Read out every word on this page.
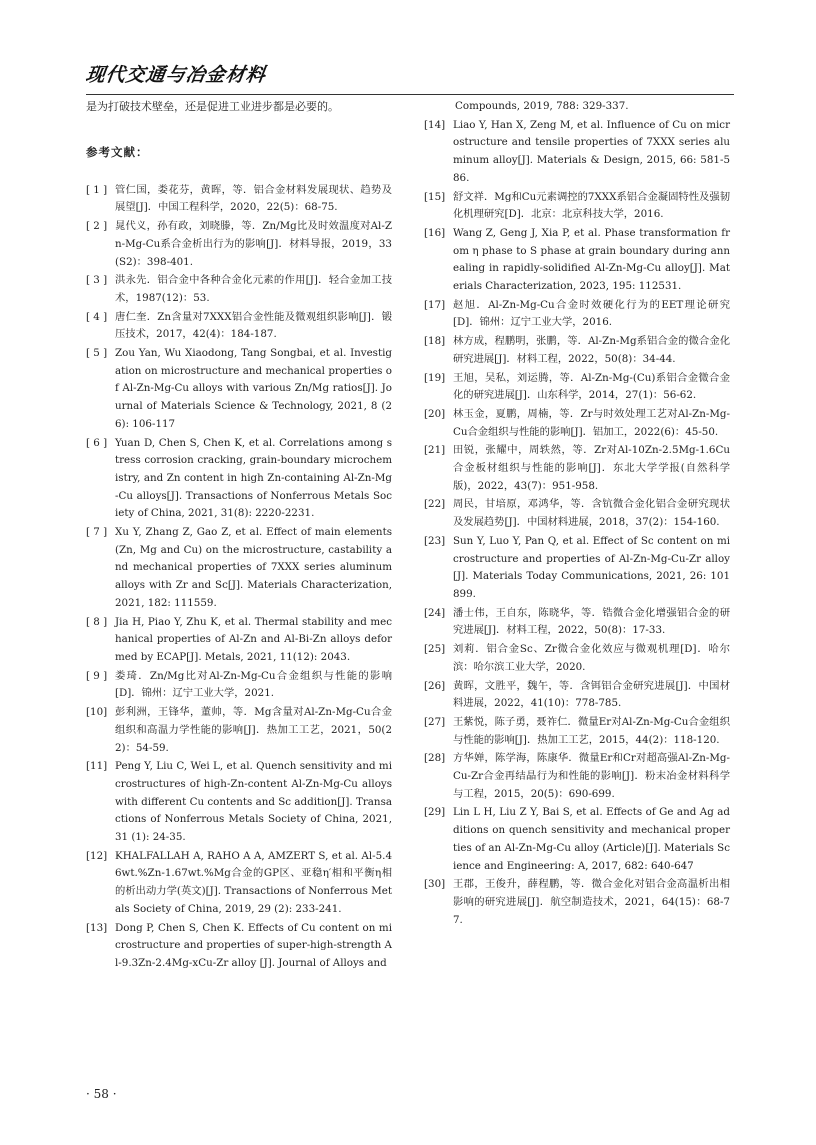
现代交通与冶金材料

是为打破技术壁垒，还是促进工业进步都是必要的。

参考文献：
[ 1 ] 管仁国，娄花芬，黄晖，等．铝合金材料发展现状、趋势及展望[J]．中国工程科学，2020，22(5)：68-75.
[ 2 ] 晁代义，孙有政，刘晓滕，等．Zn/Mg比及时效温度对Al-Zn-Mg-Cu系合金析出行为的影响[J]．材料导报，2019，33(S2)：398-401.
[ 3 ] 洪永先．铝合金中各种合金化元素的作用[J]．轻合金加工技术，1987(12)：53.
[ 4 ] 唐仁奎．Zn含量对7XXX铝合金性能及微观组织影响[J]．锻压技术，2017，42(4)：184-187.
[ 5 ] Zou Yan, Wu Xiaodong, Tang Songbai, et al. Investigation on microstructure and mechanical properties of Al-Zn-Mg-Cu alloys with various Zn/Mg ratios[J]. Journal of Materials Science & Technology, 2021, 8 (26): 106-117
[ 6 ] Yuan D, Chen S, Chen K, et al. Correlations among stress corrosion cracking, grain-boundary microchemistry, and Zn content in high Zn-containing Al-Zn-Mg-Cu alloys[J]. Transactions of Nonferrous Metals Society of China, 2021, 31(8): 2220-2231.
[ 7 ] Xu Y, Zhang Z, Gao Z, et al. Effect of main elements (Zn, Mg and Cu) on the microstructure, castability and mechanical properties of 7XXX series aluminum alloys with Zr and Sc[J]. Materials Characterization, 2021, 182: 111559.
[ 8 ] Jia H, Piao Y, Zhu K, et al. Thermal stability and mechanical properties of Al-Zn and Al-Bi-Zn alloys deformed by ECAP[J]. Metals, 2021, 11(12): 2043.
[ 9 ] 娄琦．Zn/Mg比对Al-Zn-Mg-Cu合金组织与性能的影响[D]．锦州：辽宁工业大学，2021.
[10] 彭利洲，王锋华，董帅，等．Mg含量对Al-Zn-Mg-Cu合金组织和高温力学性能的影响[J]．热加工工艺，2021，50(22)：54-59.
[11] Peng Y, Liu C, Wei L, et al. Quench sensitivity and microstructures of high-Zn-content Al-Zn-Mg-Cu alloys with different Cu contents and Sc addition[J]. Transactions of Nonferrous Metals Society of China, 2021, 31 (1): 24-35.
[12] KHALFALLAH A, RAHO A A, AMZERT S, et al. Al-5.46wt.%Zn-1.67wt.%Mg合金的GP区、亚稳η′相和平衡η相的析出动力学(英文)[J]. Transactions of Nonferrous Metals Society of China, 2019, 29 (2): 233-241.
[13] Dong P, Chen S, Chen K. Effects of Cu content on microstructure and properties of super-high-strength Al-9.3Zn-2.4Mg-xCu-Zr alloy [J]. Journal of Alloys and
Compounds, 2019, 788: 329-337.
[14] Liao Y, Han X, Zeng M, et al. Influence of Cu on microstructure and tensile properties of 7XXX series aluminum alloy[J]. Materials & Design, 2015, 66: 581-586.
[15] 舒文祥．Mg和Cu元素调控的7XXX系铝合金凝固特性及强韧化机理研究[D]．北京：北京科技大学，2016.
[16] Wang Z, Geng J, Xia P, et al. Phase transformation from η phase to S phase at grain boundary during annealing in rapidly-solidified Al-Zn-Mg-Cu alloy[J]. Materials Characterization, 2023, 195: 112531.
[17] 赵旭．Al-Zn-Mg-Cu合金时效硬化行为的EET理论研究[D]．锦州：辽宁工业大学，2016.
[18] 林方成，程鹏明，张鹏，等．Al-Zn-Mg系铝合金的微合金化研究进展[J]．材料工程，2022，50(8)：34-44.
[19] 王旭，吴私，刘运腾，等．Al-Zn-Mg-(Cu)系铝合金微合金化的研究进展[J]．山东科学，2014，27(1)：56-62.
[20] 林玉金，夏鹏，周楠，等．Zr与时效处理工艺对Al-Zn-Mg-Cu合金组织与性能的影响[J]．铝加工，2022(6)：45-50.
[21] 田锐，张耀中，周轶然，等．Zr对Al-10Zn-2.5Mg-1.6Cu合金板材组织与性能的影响[J]．东北大学学报(自然科学版)，2022，43(7)：951-958.
[22] 周民，甘培原，邓鸿华，等．含钪微合金化铝合金研究现状及发展趋势[J]．中国材料进展，2018，37(2)：154-160.
[23] Sun Y, Luo Y, Pan Q, et al. Effect of Sc content on microstructure and properties of Al-Zn-Mg-Cu-Zr alloy [J]. Materials Today Communications, 2021, 26: 101899.
[24] 潘士伟，王自东，陈晓华，等．锆微合金化增强铝合金的研究进展[J]．材料工程，2022，50(8)：17-33.
[25] 刘莉．铝合金Sc、Zr微合金化效应与微观机理[D]．哈尔滨：哈尔滨工业大学，2020.
[26] 黄晖，文胜平，魏午，等．含铒铝合金研究进展[J]．中国材料进展，2022，41(10)：778-785.
[27] 王紫悦，陈子勇，聂祚仁．微量Er对Al-Zn-Mg-Cu合金组织与性能的影响[J]．热加工工艺，2015，44(2)：118-120.
[28] 方华婵，陈学海，陈康华．微量Er和Cr对超高强Al-Zn-Mg-Cu-Zr合金再结晶行为和性能的影响[J]．粉末冶金材料科学与工程，2015，20(5)：690-699.
[29] Lin L H, Liu Z Y, Bai S, et al. Effects of Ge and Ag additions on quench sensitivity and mechanical properties of an Al-Zn-Mg-Cu alloy (Article)[J]. Materials Science and Engineering: A, 2017, 682: 640-647
[30] 王郡，王俊升，薛程鹏，等．微合金化对铝合金高温析出相影响的研究进展[J]．航空制造技术，2021，64(15)：68-77.
· 58 ·
